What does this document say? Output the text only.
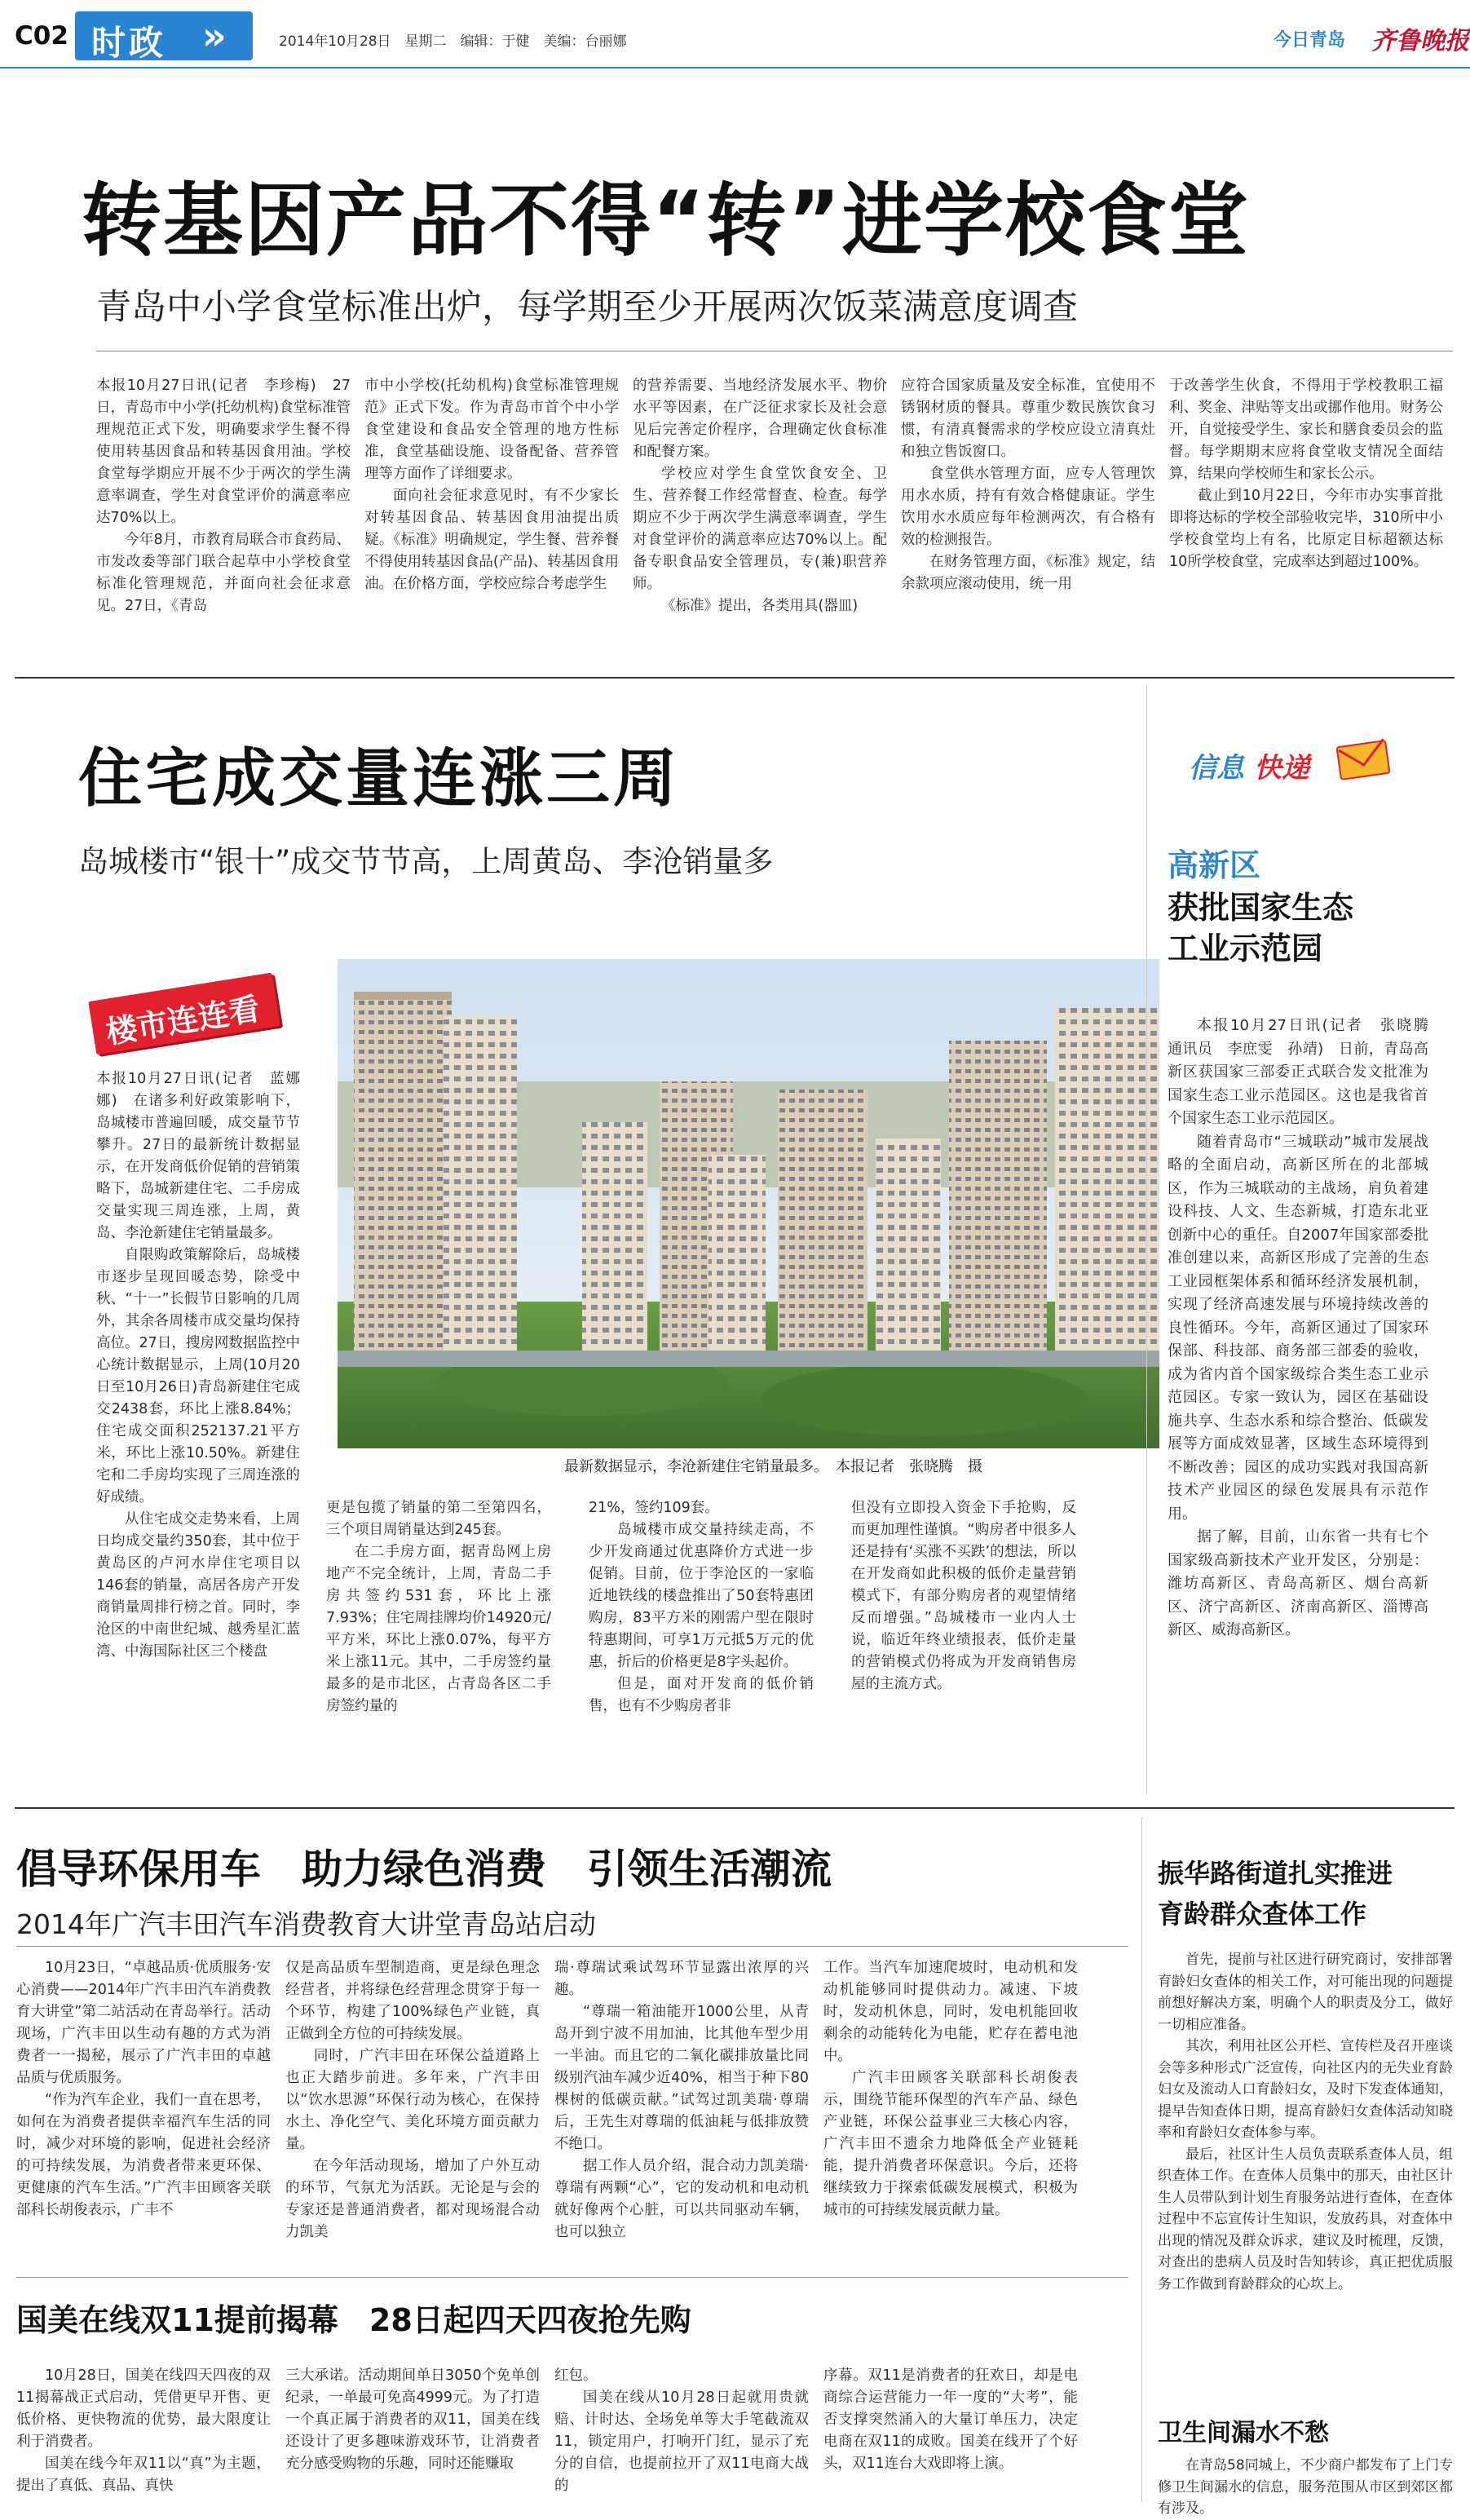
C02 时政 »	2014年10月28日　星期二　编辑：于健　美编：台丽娜	今日青岛 齐鲁晚报
转基因产品不得“转”进学校食堂
青岛中小学食堂标准出炉，每学期至少开展两次饭菜满意度调查

本报10月27日讯(记者　李珍梅)　27日，青岛市中小学(托幼机构)食堂标准管理规范正式下发，明确要求学生餐不得使用转基因食品和转基因食用油。学校食堂每学期应开展不少于两次的学生满意率调查，学生对食堂评价的满意率应达70%以上。

今年8月，市教育局联合市食药局、市发改委等部门联合起草中小学校食堂标准化管理规范，并面向社会征求意见。27日，《青岛

市中小学校(托幼机构)食堂标准管理规范》正式下发。作为青岛市首个中小学食堂建设和食品安全管理的地方性标准，食堂基础设施、设备配备、营养管理等方面作了详细要求。

面向社会征求意见时，有不少家长对转基因食品、转基因食用油提出质疑。《标准》明确规定，学生餐、营养餐不得使用转基因食品(产品)、转基因食用油。在价格方面，学校应综合考虑学生

的营养需要、当地经济发展水平、物价水平等因素，在广泛征求家长及社会意见后完善定价程序，合理确定伙食标准和配餐方案。

学校应对学生食堂饮食安全、卫生、营养餐工作经常督查、检查。每学期应不少于两次学生满意率调查，学生对食堂评价的满意率应达70%以上。配备专职食品安全管理员，专(兼)职营养师。

《标准》提出，各类用具(器皿)

应符合国家质量及安全标准，宜使用不锈钢材质的餐具。尊重少数民族饮食习惯，有清真餐需求的学校应设立清真灶和独立售饭窗口。

食堂供水管理方面，应专人管理饮用水水质，持有有效合格健康证。学生饮用水水质应每年检测两次，有合格有效的检测报告。

在财务管理方面，《标准》规定，结余款项应滚动使用，统一用

于改善学生伙食，不得用于学校教职工福利、奖金、津贴等支出或挪作他用。财务公开，自觉接受学生、家长和膳食委员会的监督。每学期期末应将食堂收支情况全面结算，结果向学校师生和家长公示。

截止到10月22日，今年市办实事首批即将达标的学校全部验收完毕，310所中小学校食堂均上有名，比原定目标超额达标10所学校食堂，完成率达到超过100%。

住宅成交量连涨三周
岛城楼市“银十”成交节节高，上周黄岛、李沧销量多
楼市连连看
最新数据显示，李沧新建住宅销量最多。　本报记者　张晓腾　摄

本报10月27日讯(记者　蓝娜娜)　在诸多利好政策影响下，岛城楼市普遍回暖，成交量节节攀升。27日的最新统计数据显示，在开发商低价促销的营销策略下，岛城新建住宅、二手房成交量实现三周连涨，上周，黄岛、李沧新建住宅销量最多。

自限购政策解除后，岛城楼市逐步呈现回暖态势，除受中秋、“十一”长假节日影响的几周外，其余各周楼市成交量均保持高位。27日，搜房网数据监控中心统计数据显示，上周(10月20日至10月26日)青岛新建住宅成交2438套，环比上涨8.84%；住宅成交面积252137.21平方米，环比上涨10.50%。新建住宅和二手房均实现了三周连涨的好成绩。

从住宅成交走势来看，上周日均成交量约350套，其中位于黄岛区的卢河水岸住宅项目以146套的销量，高居各房产开发商销量周排行榜之首。同时，李沧区的中南世纪城、越秀星汇蓝湾、中海国际社区三个楼盘

更是包揽了销量的第二至第四名，三个项目周销量达到245套。

在二手房方面，据青岛网上房地产不完全统计，上周，青岛二手房共签约531套，环比上涨7.93%；住宅周挂牌均价14920元/平方米，环比上涨0.07%，每平方米上涨11元。其中，二手房签约量最多的是市北区，占青岛各区二手房签约量的

21%，签约109套。

岛城楼市成交量持续走高，不少开发商通过优惠降价方式进一步促销。目前，位于李沧区的一家临近地铁线的楼盘推出了50套特惠团购房，83平方米的刚需户型在限时特惠期间，可享1万元抵5万元的优惠，折后的价格更是8字头起价。

但是，面对开发商的低价销售，也有不少购房者非

但没有立即投入资金下手抢购，反而更加理性谨慎。“购房者中很多人还是持有‘买涨不买跌’的想法，所以在开发商如此积极的低价走量营销模式下，有部分购房者的观望情绪反而增强。”岛城楼市一业内人士说，临近年终业绩报表，低价走量的营销模式仍将成为开发商销售房屋的主流方式。

信息 快递
高新区
获批国家生态
工业示范园

本报10月27日讯(记者　张晓腾　通讯员　李庶雯　孙靖)　日前，青岛高新区获国家三部委正式联合发文批准为国家生态工业示范园区。这也是我省首个国家生态工业示范园区。

随着青岛市“三城联动”城市发展战略的全面启动，高新区所在的北部城区，作为三城联动的主战场，肩负着建设科技、人文、生态新城，打造东北亚创新中心的重任。自2007年国家部委批准创建以来，高新区形成了完善的生态工业园框架体系和循环经济发展机制，实现了经济高速发展与环境持续改善的良性循环。今年，高新区通过了国家环保部、科技部、商务部三部委的验收，成为省内首个国家级综合类生态工业示范园区。专家一致认为，园区在基础设施共享、生态水系和综合整治、低碳发展等方面成效显著，区域生态环境得到不断改善；园区的成功实践对我国高新技术产业园区的绿色发展具有示范作用。

据了解，目前，山东省一共有七个国家级高新技术产业开发区，分别是：潍坊高新区、青岛高新区、烟台高新区、济宁高新区、济南高新区、淄博高新区、威海高新区。

倡导环保用车　助力绿色消费　引领生活潮流
2014年广汽丰田汽车消费教育大讲堂青岛站启动

10月23日，“卓越品质·优质服务·安心消费——2014年广汽丰田汽车消费教育大讲堂”第二站活动在青岛举行。活动现场，广汽丰田以生动有趣的方式为消费者一一揭秘，展示了广汽丰田的卓越品质与优质服务。

“作为汽车企业，我们一直在思考，如何在为消费者提供幸福汽车生活的同时，减少对环境的影响，促进社会经济的可持续发展，为消费者带来更环保、更健康的汽车生活。”广汽丰田顾客关联部科长胡俊表示，广丰不

仅是高品质车型制造商，更是绿色理念经营者，并将绿色经营理念贯穿于每一个环节，构建了100%绿色产业链，真正做到全方位的可持续发展。

同时，广汽丰田在环保公益道路上也正大踏步前进。多年来，广汽丰田以“饮水思源”环保行动为核心，在保持水土、净化空气、美化环境方面贡献力量。

在今年活动现场，增加了户外互动的环节，气氛尤为活跃。无论是与会的专家还是普通消费者，都对现场混合动力凯美

瑞·尊瑞试乘试驾环节显露出浓厚的兴趣。

“尊瑞一箱油能开1000公里，从青岛开到宁波不用加油，比其他车型少用一半油。而且它的二氧化碳排放量比同级别汽油车减少近40%，相当于种下80棵树的低碳贡献。”试驾过凯美瑞·尊瑞后，王先生对尊瑞的低油耗与低排放赞不绝口。

据工作人员介绍，混合动力凯美瑞·尊瑞有两颗“心”，它的发动机和电动机就好像两个心脏，可以共同驱动车辆，也可以独立

工作。当汽车加速爬坡时，电动机和发动机能够同时提供动力。减速、下坡时，发动机休息，同时，发电机能回收剩余的动能转化为电能，贮存在蓄电池中。

广汽丰田顾客关联部科长胡俊表示，围绕节能环保型的汽车产品、绿色产业链，环保公益事业三大核心内容，广汽丰田不遗余力地降低全产业链耗能，提升消费者环保意识。今后，还将继续致力于探索低碳发展模式，积极为城市的可持续发展贡献力量。

国美在线双11提前揭幕　28日起四天四夜抢先购

10月28日，国美在线四天四夜的双11揭幕战正式启动，凭借更早开售、更低价格、更快物流的优势，最大限度让利于消费者。

国美在线今年双11以“真”为主题，提出了真低、真品、真快

三大承诺。活动期间单日3050个免单创纪录，一单最可免高4999元。为了打造一个真正属于消费者的双11，国美在线还设计了更多趣味游戏环节，让消费者充分感受购物的乐趣，同时还能赚取

红包。

国美在线从10月28日起就用贵就赔、计时达、全场免单等大手笔截流双11，锁定用户，打响开门红，显示了充分的自信，也提前拉开了双11电商大战的

序幕。双11是消费者的狂欢日，却是电商综合运营能力一年一度的“大考”，能否支撑突然涌入的大量订单压力，决定电商在双11的成败。国美在线开了个好头，双11连台大戏即将上演。

振华路街道扎实推进
育龄群众查体工作

首先，提前与社区进行研究商讨，安排部署育龄妇女查体的相关工作，对可能出现的问题提前想好解决方案，明确个人的职责及分工，做好一切相应准备。

其次，利用社区公开栏、宣传栏及召开座谈会等多种形式广泛宣传，向社区内的无失业育龄妇女及流动人口育龄妇女，及时下发查体通知，提早告知查体日期，提高育龄妇女查体活动知晓率和育龄妇女查体参与率。

最后，社区计生人员负责联系查体人员，组织查体工作。在查体人员集中的那天，由社区计生人员带队到计划生育服务站进行查体，在查体过程中不忘宣传计生知识，发放药具，对查体中出现的情况及群众诉求，建议及时梳理，反馈，对查出的患病人员及时告知转诊，真正把优质服务工作做到育龄群众的心坎上。

卫生间漏水不愁

在青岛58同城上，不少商户都发布了上门专修卫生间漏水的信息，服务范围从市区到郊区都有涉及。
